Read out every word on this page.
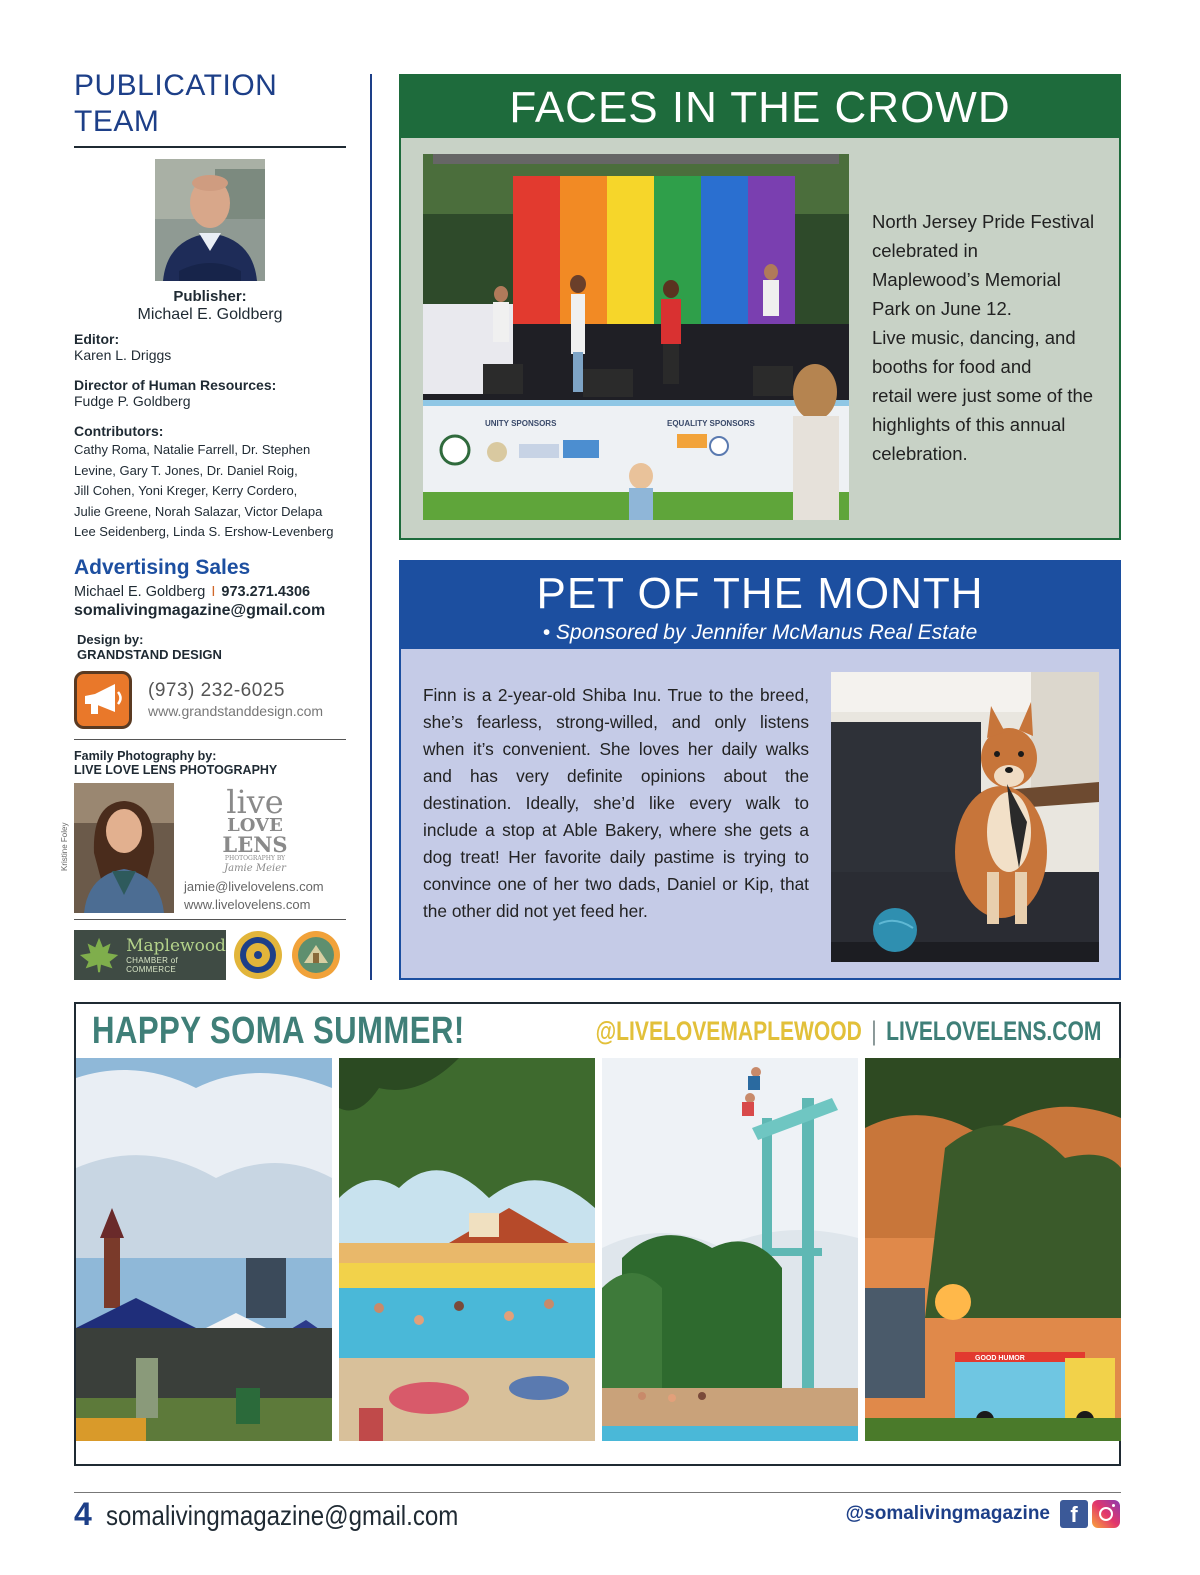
PUBLICATION TEAM
Publisher:
Michael E. Goldberg
Editor:
Karen L. Driggs
Director of Human Resources:
Fudge P. Goldberg
Contributors:
Cathy Roma, Natalie Farrell, Dr. Stephen
Levine, Gary T. Jones, Dr. Daniel Roig,
Jill Cohen, Yoni Kreger, Kerry Cordero,
Julie Greene, Norah Salazar, Victor Delapa
Lee Seidenberg, Linda S. Ershow-Levenberg
Advertising Sales
Michael E. Goldberg I 973.271.4306
somalivingmagazine@gmail.com
Design by:
GRANDSTAND DESIGN
(973) 232-6025
www.grandstanddesign.com
Family Photography by:
LIVE LOVE LENS PHOTOGRAPHY
Kristine Foley
live
LOVE
LENS
PHOTOGRAPHY BY
Jamie Meier
jamie@livelovelens.com
www.livelovelens.com
Maplewood
CHAMBER of COMMERCE
FACES IN THE CROWD
UNITY SPONSORS	EQUALITY SPONSORS
North Jersey Pride Festival
celebrated in
Maplewood’s Memorial
Park on June 12.
Live music, dancing, and
booths for food and
retail were just some of the
highlights of this annual
celebration.
PET OF THE MONTH
• Sponsored by Jennifer McManus Real Estate
Finn is a 2-year-old Shiba Inu. True to the breed, she’s fearless, strong-willed, and only listens when it’s convenient. She loves her daily walks and has very definite opinions about the destination. Ideally, she’d like every walk to include a stop at Able Bakery, where she gets a dog treat! Her favorite daily pastime is trying to convince one of her two dads, Daniel or Kip, that the other did not yet feed her.
HAPPY SOMA SUMMER!	@LIVELOVEMAPLEWOOD | LIVELOVELENS.COM
GOOD HUMOR
4 somalivingmagazine@gmail.com	@somalivingmagazine f
